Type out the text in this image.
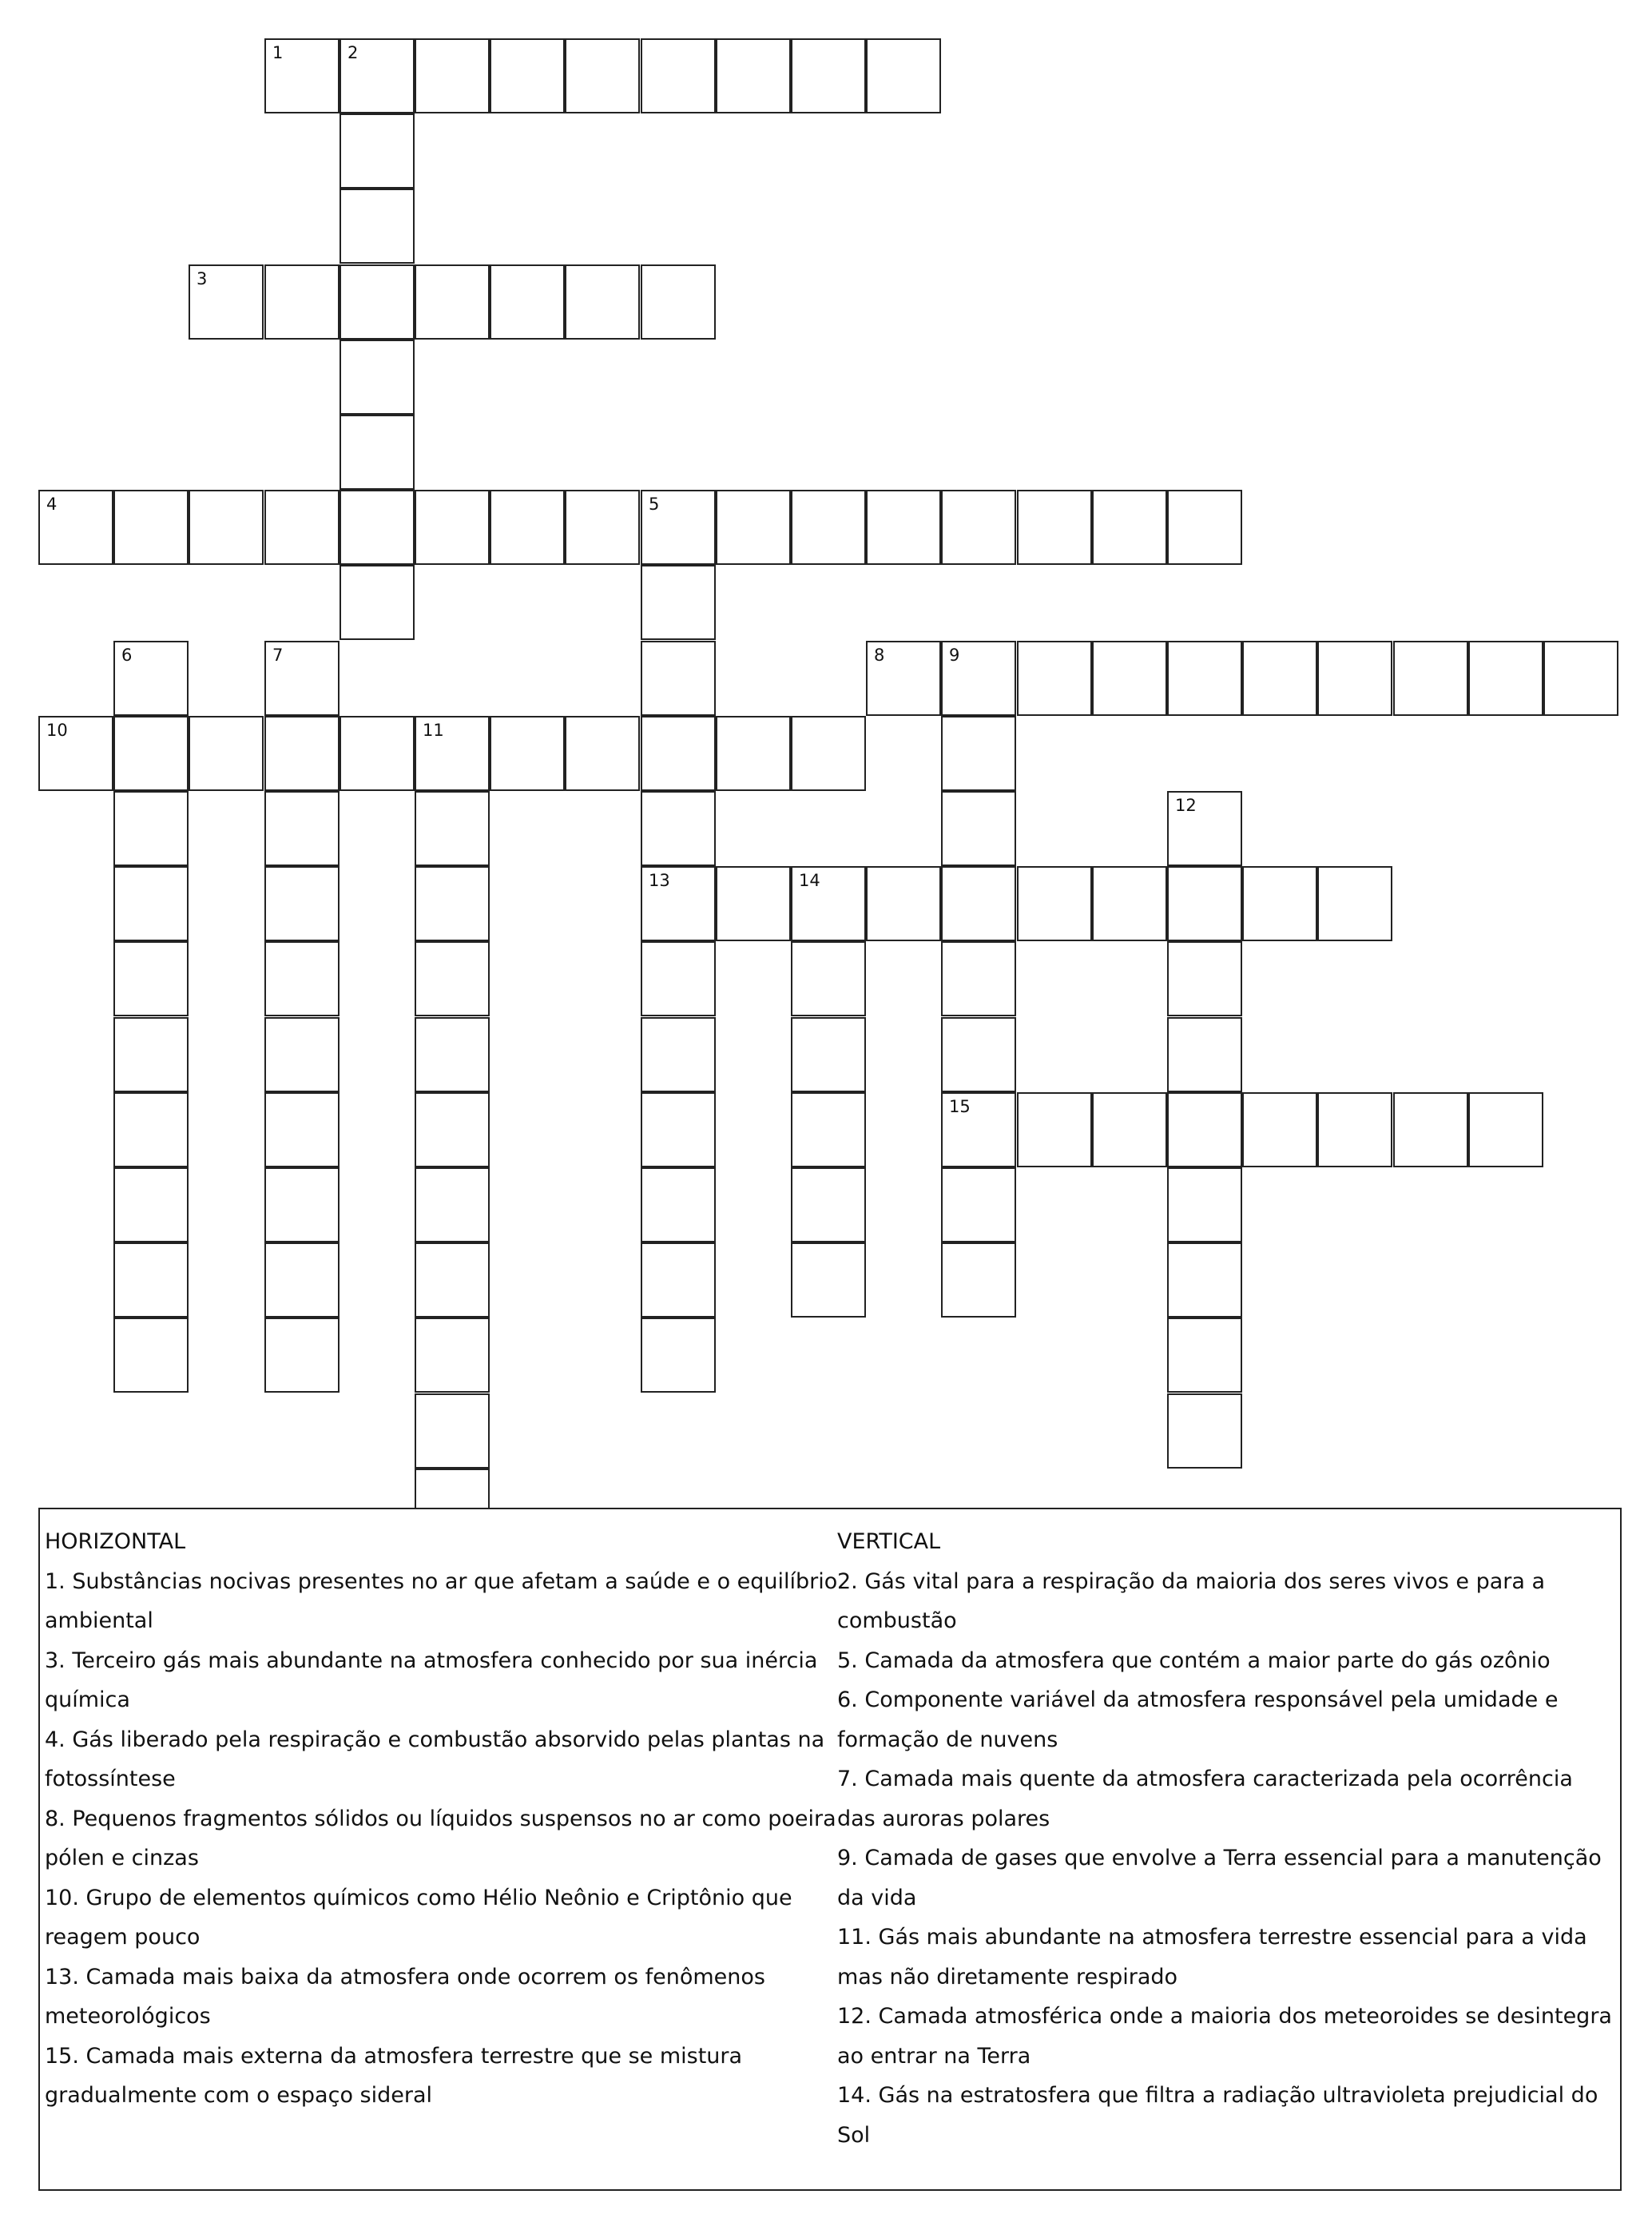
1	2
3
4	5
13
6	7	8	9
15
10	11
12
14
HORIZONTAL
1. Substâncias nocivas presentes no ar que afetam a saúde e o equilíbrio ambiental
3. Terceiro gás mais abundante na atmosfera conhecido por sua inércia química
4. Gás liberado pela respiração e combustão absorvido pelas plantas na fotossíntese
8. Pequenos fragmentos sólidos ou líquidos suspensos no ar como poeira pólen e cinzas
10. Grupo de elementos químicos como Hélio Neônio e Criptônio que reagem pouco
13. Camada mais baixa da atmosfera onde ocorrem os fenômenos meteorológicos
15. Camada mais externa da atmosfera terrestre que se mistura gradualmente com o espaço sideral
VERTICAL
2. Gás vital para a respiração da maioria dos seres vivos e para a combustão
5. Camada da atmosfera que contém a maior parte do gás ozônio
6. Componente variável da atmosfera responsável pela umidade e formação de nuvens
7. Camada mais quente da atmosfera caracterizada pela ocorrência das auroras polares
9. Camada de gases que envolve a Terra essencial para a manutenção da vida
11. Gás mais abundante na atmosfera terrestre essencial para a vida mas não diretamente respirado
12. Camada atmosférica onde a maioria dos meteoroides se desintegra ao entrar na Terra
14. Gás na estratosfera que filtra a radiação ultravioleta prejudicial do Sol
